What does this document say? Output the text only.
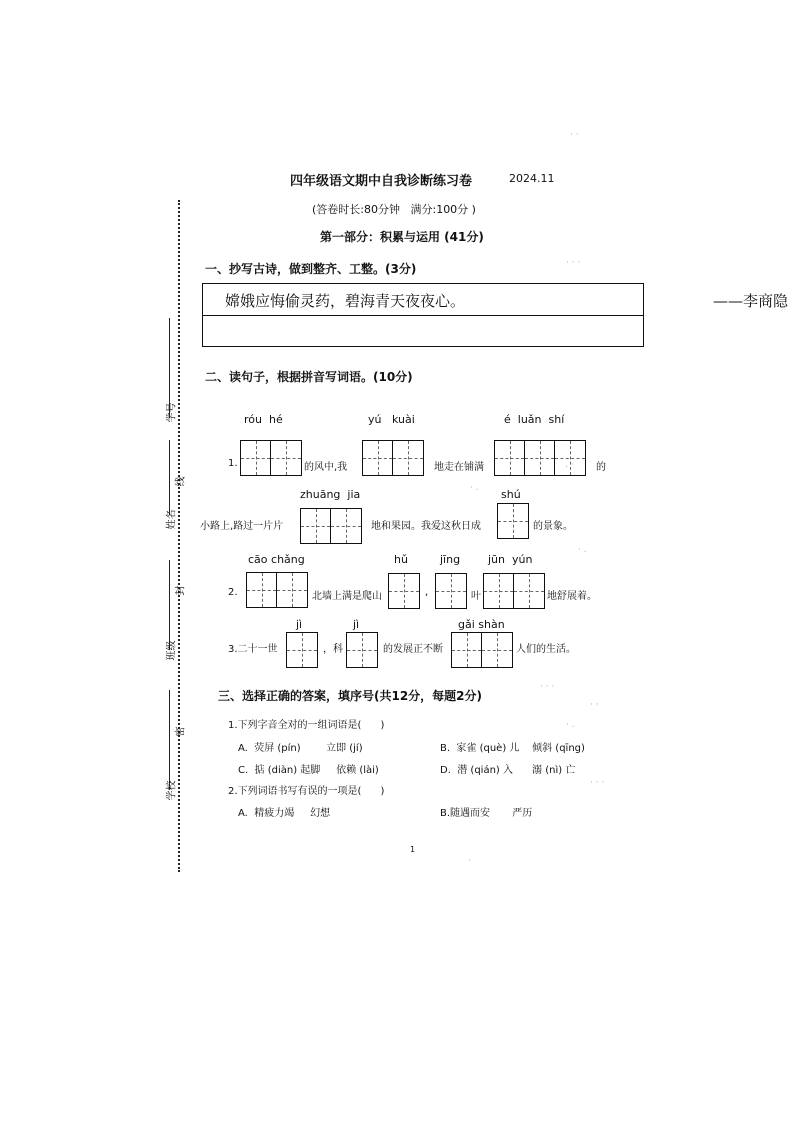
学号
线
姓名
封
班级
密
学校
四年级语文期中自我诊断练习卷	2024.11
(答卷时长:80分钟   满分:100分 )
第一部分：积累与运用 (41分)
一、抄写古诗，做到整齐、工整。(3分)
嫦娥应悔偷灵药，碧海青天夜夜心。	——李商隐
二、读句子，根据拼音写词语。(10分)
róu  hé	yú   kuài	é  luǎn  shí
1.	的风中,我	地走在铺满	的
zhuāng  jia	shú
小路上,路过一片片	地和果园。我爱这秋日成	的景象。
cāo chǎng	hǔ	jīng	jūn  yún
2.	北墙上满是爬山	,	叶	地舒展着。
jì	jì	gǎi shàn
3.二十一世	，科	的发展正不断	人们的生活。
三、选择正确的答案，填序号(共12分，每题2分)
1.下列字音全对的一组词语是(      )
A.  荧屏 (pín)        立即 (jí)	B.  家雀 (què) 儿    倾斜 (qīng)
C.  掂 (diàn) 起脚     依赖 (lài)	D.  潜 (qián) 入      溺 (nì) 亡
2.下列词语书写有误的一项是(      )
A.  精疲力竭     幻想	B.随遇而安       严历
1
· ·
· · ·
· .
. ·
· .
· · ·
· ·
· .
· · ·
·
